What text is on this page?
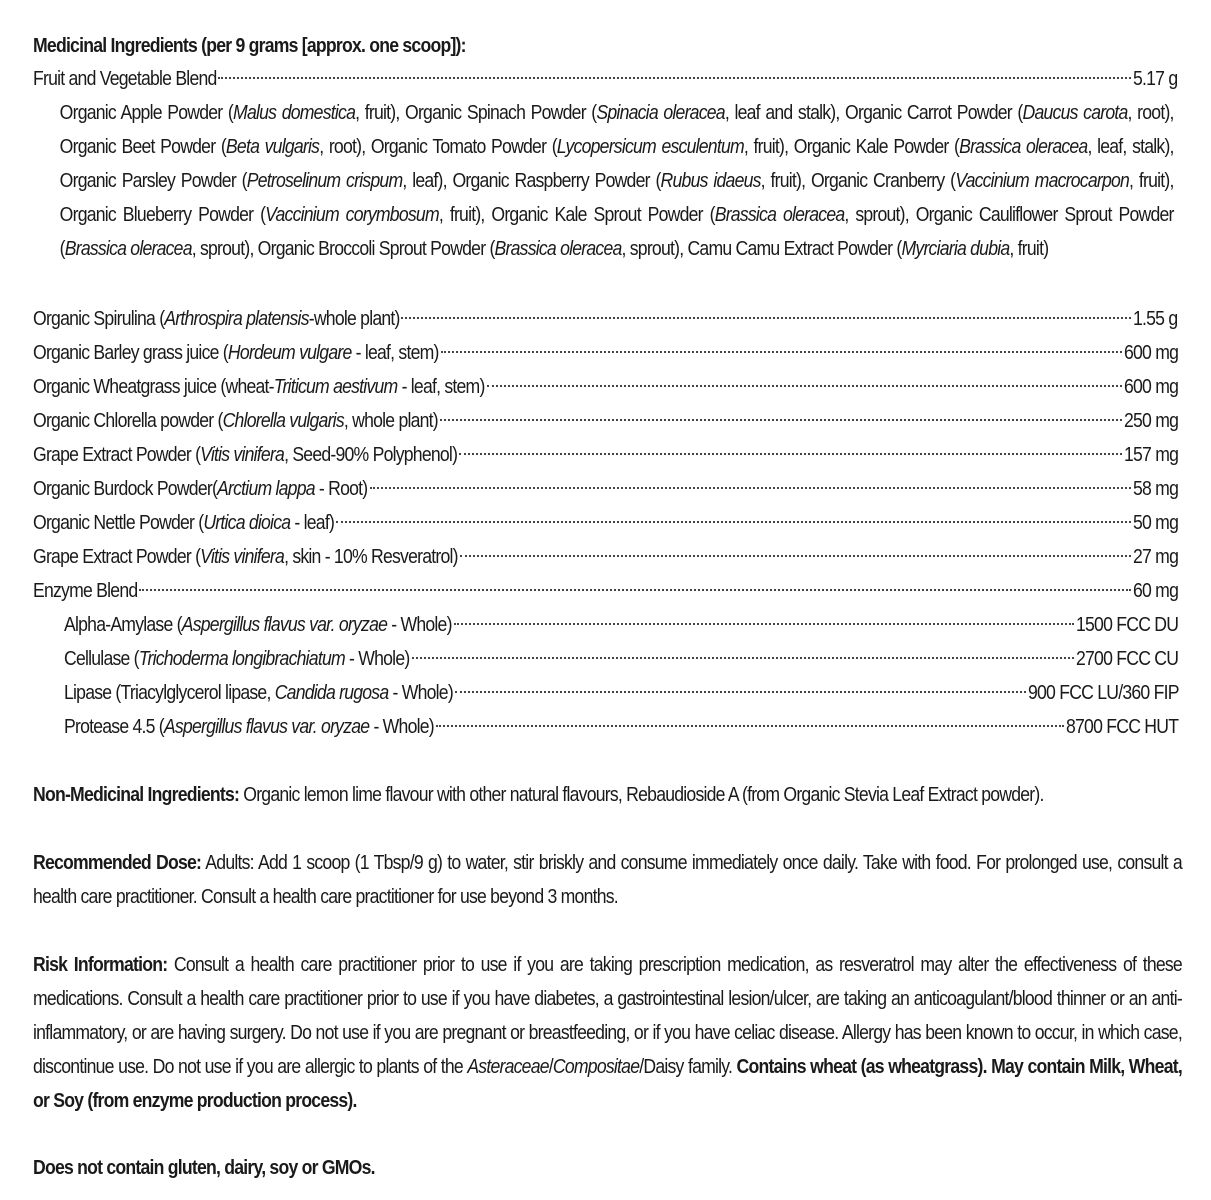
Medicinal Ingredients (per 9 grams [approx. one scoop]):
Fruit and Vegetable Blend	5.17 g
Organic Apple Powder (Malus domestica, fruit), Organic Spinach Powder (Spinacia oleracea, leaf and stalk), Organic Carrot Powder (Daucus carota, root), Organic Beet Powder (Beta vulgaris, root), Organic Tomato Powder (Lycopersicum esculentum, fruit), Organic Kale Powder (Brassica oleracea, leaf, stalk), Organic Parsley Powder (Petroselinum crispum, leaf), Organic Raspberry Powder (Rubus idaeus, fruit), Organic Cranberry (Vaccinium macrocarpon, fruit), Organic Blueberry Powder (Vaccinium corymbosum, fruit), Organic Kale Sprout Powder (Brassica oleracea, sprout), Organic Cauliflower Sprout Powder (Brassica oleracea, sprout), Organic Broccoli Sprout Powder (Brassica oleracea, sprout), Camu Camu Extract Powder (Myrciaria dubia, fruit)
Organic Spirulina (Arthrospira platensis-whole plant)	1.55 g
Organic Barley grass juice (Hordeum vulgare - leaf, stem)	600 mg
Organic Wheatgrass juice (wheat-Triticum aestivum - leaf, stem)	600 mg
Organic Chlorella powder (Chlorella vulgaris, whole plant)	250 mg
Grape Extract Powder (Vitis vinifera, Seed-90% Polyphenol)	157 mg
Organic Burdock Powder(Arctium lappa - Root)	58 mg
Organic Nettle Powder (Urtica dioica - leaf)	50 mg
Grape Extract Powder (Vitis vinifera, skin - 10% Resveratrol)	27 mg
Enzyme Blend	60 mg
Alpha-Amylase (Aspergillus flavus var. oryzae - Whole)	1500 FCC DU
Cellulase (Trichoderma longibrachiatum - Whole)	2700 FCC CU
Lipase (Triacylglycerol lipase, Candida rugosa - Whole)	900 FCC LU/360 FIP
Protease 4.5 (Aspergillus flavus var. oryzae - Whole)	8700 FCC HUT
Non-Medicinal Ingredients: Organic lemon lime flavour with other natural flavours, Rebaudioside A (from Organic Stevia Leaf Extract powder).
Recommended Dose: Adults: Add 1 scoop (1 Tbsp/9 g) to water, stir briskly and consume immediately once daily. Take with food. For prolonged use, consult a health care practitioner. Consult a health care practitioner for use beyond 3 months.
Risk Information: Consult a health care practitioner prior to use if you are taking prescription medication, as resveratrol may alter the effectiveness of these medications. Consult a health care practitioner prior to use if you have diabetes, a gastrointestinal lesion/ulcer, are taking an anticoagulant/blood thinner or an anti-inflammatory, or are having surgery. Do not use if you are pregnant or breastfeeding, or if you have celiac disease. Allergy has been known to occur, in which case, discontinue use. Do not use if you are allergic to plants of the Asteraceae/Compositae/Daisy family. Contains wheat (as wheatgrass). May contain Milk, Wheat, or Soy (from enzyme production process).
Does not contain gluten, dairy, soy or GMOs.
